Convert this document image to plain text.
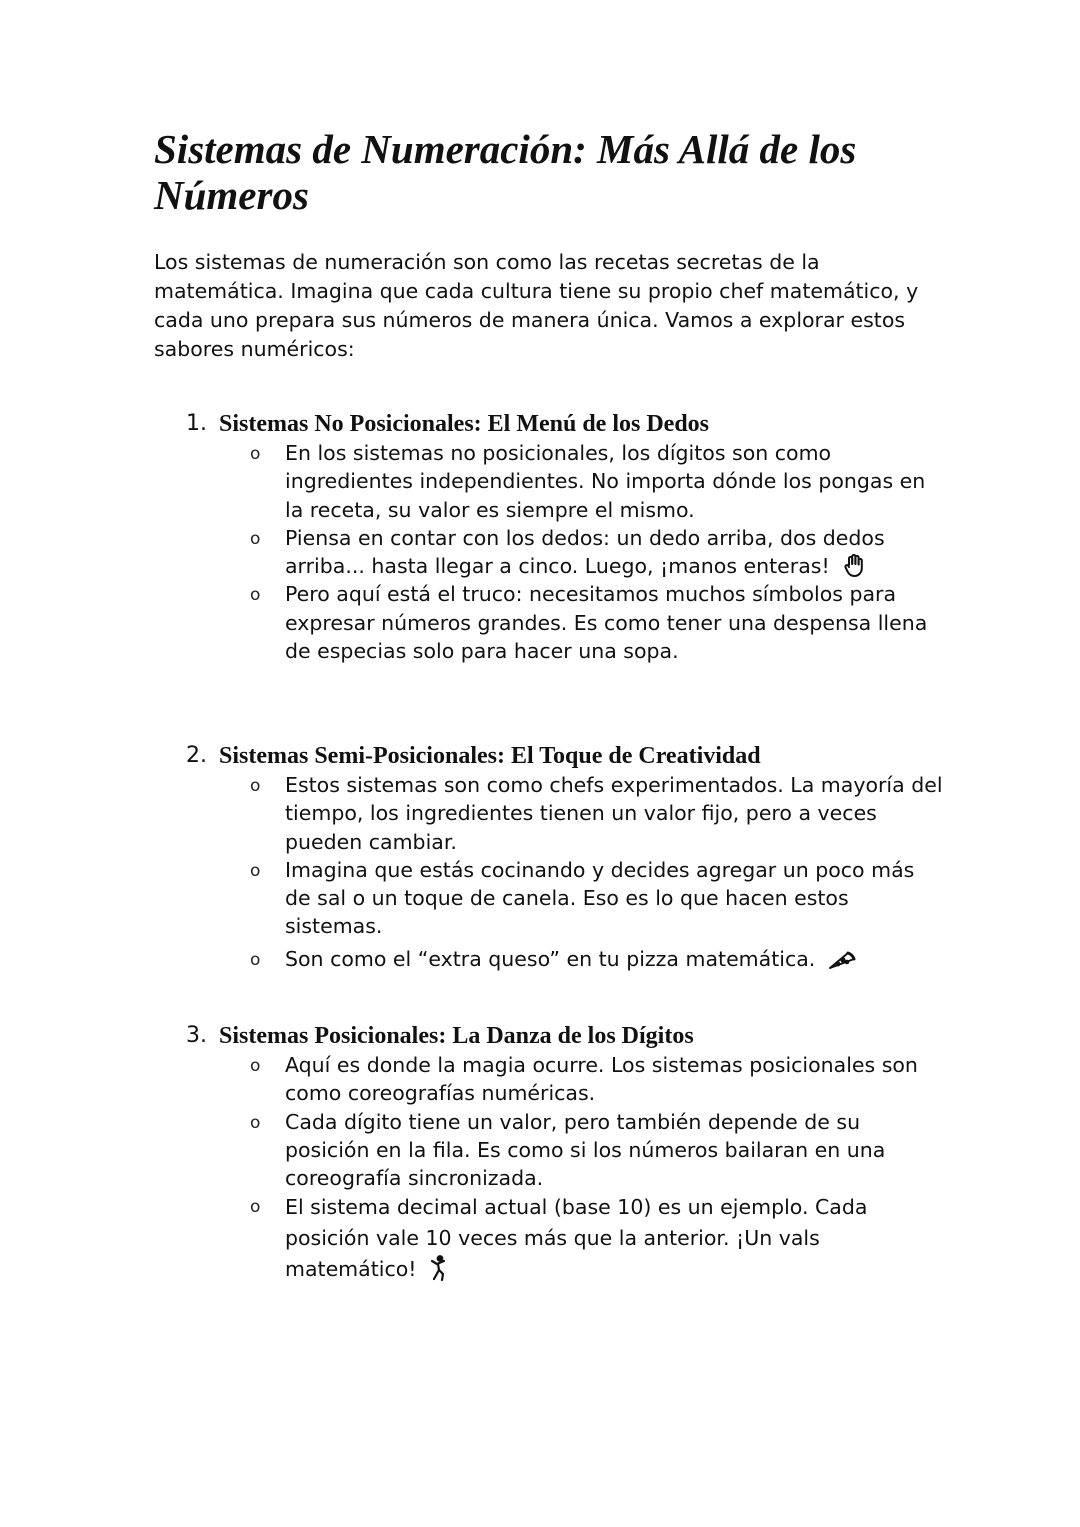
Sistemas de Numeración: Más Allá de los Números

Los sistemas de numeración son como las recetas secretas de la matemática. Imagina que cada cultura tiene su propio chef matemático, y cada uno prepara sus números de manera única. Vamos a explorar estos sabores numéricos:

1. Sistemas No Posicionales: El Menú de los Dedos
o En los sistemas no posicionales, los dígitos son como ingredientes independientes. No importa dónde los pongas en la receta, su valor es siempre el mismo.
o Piensa en contar con los dedos: un dedo arriba, dos dedos arriba... hasta llegar a cinco. Luego, ¡manos enteras!
o Pero aquí está el truco: necesitamos muchos símbolos para expresar números grandes. Es como tener una despensa llena de especias solo para hacer una sopa.
2. Sistemas Semi-Posicionales: El Toque de Creatividad
o Estos sistemas son como chefs experimentados. La mayoría del tiempo, los ingredientes tienen un valor fijo, pero a veces pueden cambiar.
o Imagina que estás cocinando y decides agregar un poco más de sal o un toque de canela. Eso es lo que hacen estos sistemas.
o Son como el “extra queso” en tu pizza matemática.
3. Sistemas Posicionales: La Danza de los Dígitos
o Aquí es donde la magia ocurre. Los sistemas posicionales son como coreografías numéricas.
o Cada dígito tiene un valor, pero también depende de su posición en la fila. Es como si los números bailaran en una coreografía sincronizada.
o El sistema decimal actual (base 10) es un ejemplo. Cada posición vale 10 veces más que la anterior. ¡Un vals matemático!
